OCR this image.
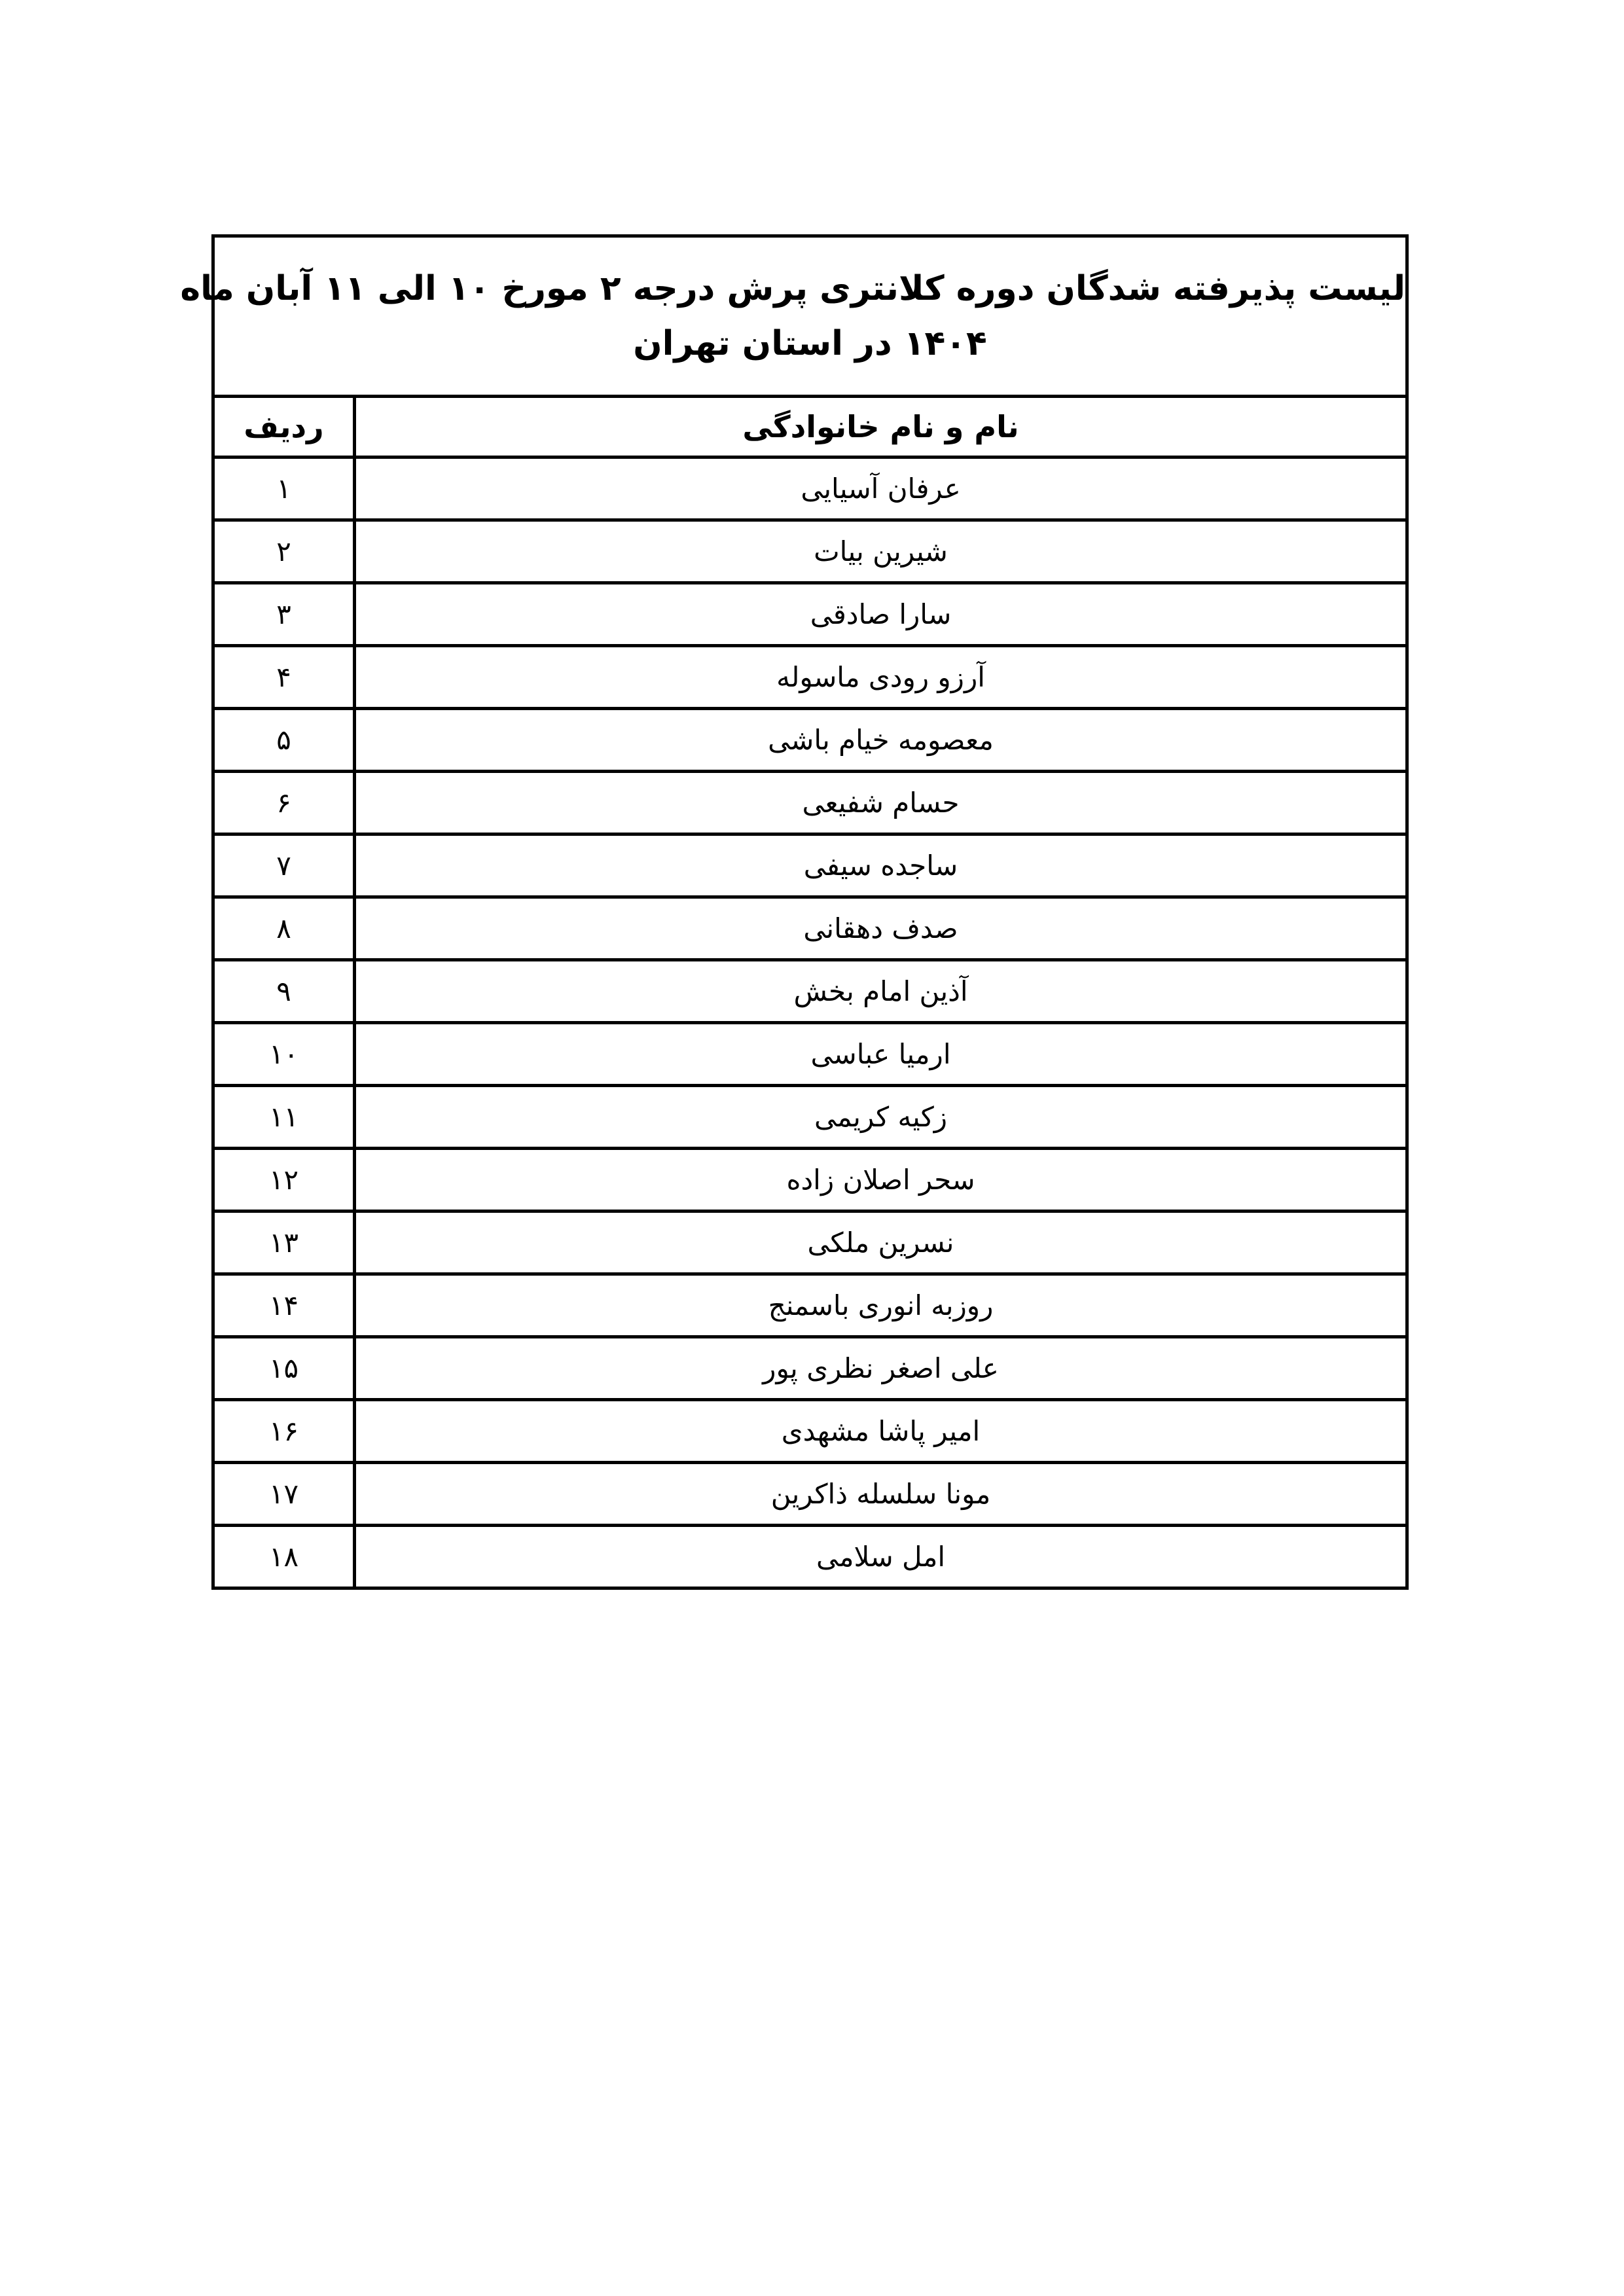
لیست پذیرفته شدگان دوره کلانتری پرش درجه ۲ مورخ ۱۰ الی ۱۱ آبان ماه
۱۴۰۴ در استان تهران	

نام و نام خانوادگی	ردیف
عرفان آسیایی	۱
شیرین بیات	۲
سارا صادقی	۳
آرزو رودی ماسوله	۴
معصومه خیام باشی	۵
حسام شفیعی	۶
ساجده سیفی	۷
صدف دهقانی	۸
آذین امام بخش	۹
ارمیا عباسی	۱۰
زکیه کریمی	۱۱
سحر اصلان زاده	۱۲
نسرین ملکی	۱۳
روزبه انوری باسمنج	۱۴
علی اصغر نظری پور	۱۵
امیر پاشا مشهدی	۱۶
مونا سلسله ذاکرین	۱۷
امل سلامی	۱۸
